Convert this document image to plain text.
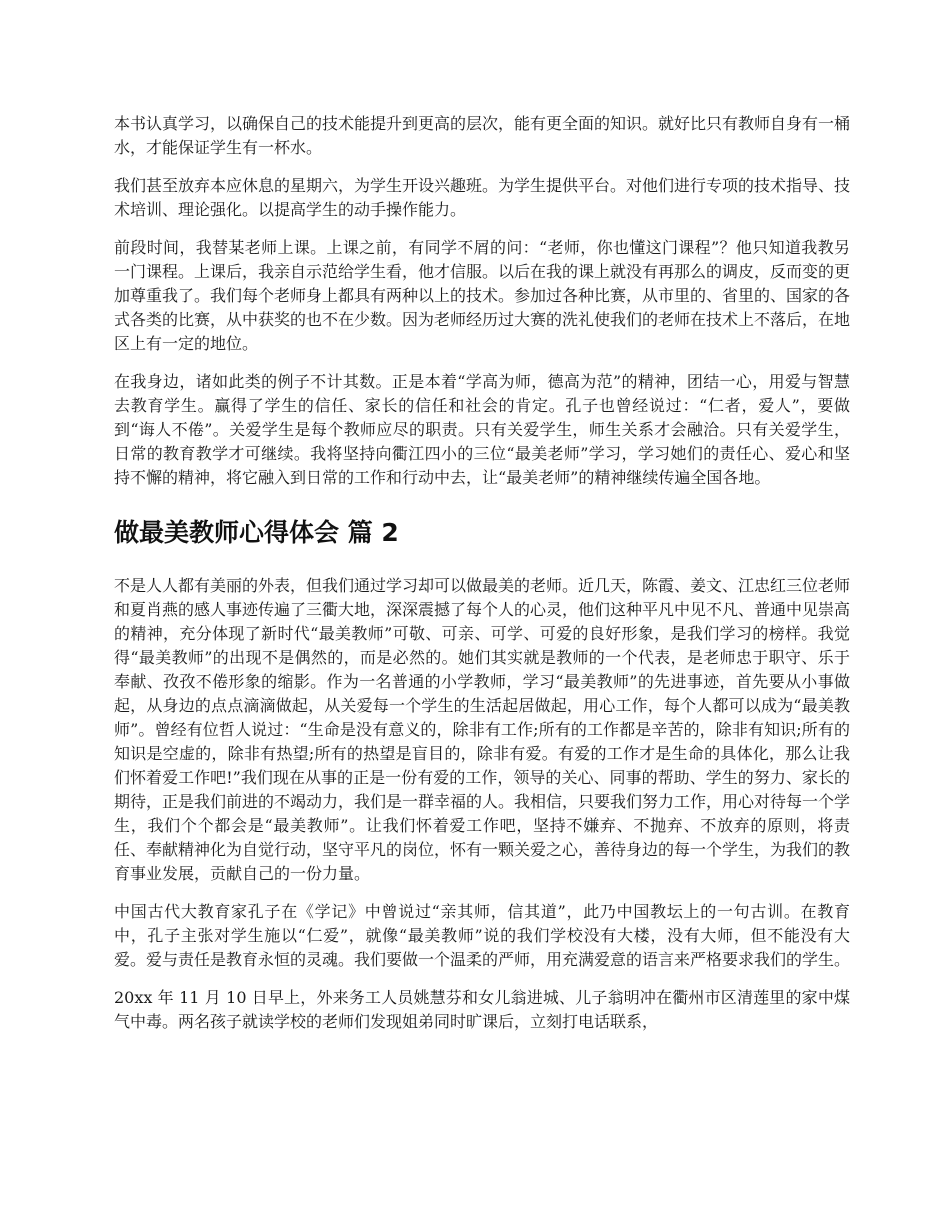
本书认真学习，以确保自己的技术能提升到更高的层次，能有更全面的知识。就好比只有教师自身有一桶水，才能保证学生有一杯水。

我们甚至放弃本应休息的星期六，为学生开设兴趣班。为学生提供平台。对他们进行专项的技术指导、技术培训、理论强化。以提高学生的动手操作能力。

前段时间，我替某老师上课。上课之前，有同学不屑的问：“老师，你也懂这门课程”？他只知道我教另一门课程。上课后，我亲自示范给学生看，他才信服。以后在我的课上就没有再那么的调皮，反而变的更加尊重我了。我们每个老师身上都具有两种以上的技术。参加过各种比赛，从市里的、省里的、国家的各式各类的比赛，从中获奖的也不在少数。因为老师经历过大赛的洗礼使我们的老师在技术上不落后，在地区上有一定的地位。

在我身边，诸如此类的例子不计其数。正是本着“学高为师，德高为范”的精神，团结一心，用爱与智慧去教育学生。赢得了学生的信任、家长的信任和社会的肯定。孔子也曾经说过：“仁者，爱人”，要做到“诲人不倦”。关爱学生是每个教师应尽的职责。只有关爱学生，师生关系才会融洽。只有关爱学生，日常的教育教学才可继续。我将坚持向衢江四小的三位“最美老师”学习，学习她们的责任心、爱心和坚持不懈的精神，将它融入到日常的工作和行动中去，让“最美老师”的精神继续传遍全国各地。

做最美教师心得体会 篇 2

不是人人都有美丽的外表，但我们通过学习却可以做最美的老师。近几天，陈霞、姜文、江忠红三位老师和夏肖燕的感人事迹传遍了三衢大地，深深震撼了每个人的心灵，他们这种平凡中见不凡、普通中见崇高的精神，充分体现了新时代“最美教师”可敬、可亲、可学、可爱的良好形象，是我们学习的榜样。我觉得“最美教师”的出现不是偶然的，而是必然的。她们其实就是教师的一个代表，是老师忠于职守、乐于奉献、孜孜不倦形象的缩影。作为一名普通的小学教师，学习“最美教师”的先进事迹，首先要从小事做起，从身边的点点滴滴做起，从关爱每一个学生的生活起居做起，用心工作，每个人都可以成为“最美教师”。曾经有位哲人说过：“生命是没有意义的，除非有工作;所有的工作都是辛苦的，除非有知识;所有的知识是空虚的，除非有热望;所有的热望是盲目的，除非有爱。有爱的工作才是生命的具体化，那么让我们怀着爱工作吧!”我们现在从事的正是一份有爱的工作，领导的关心、同事的帮助、学生的努力、家长的期待，正是我们前进的不竭动力，我们是一群幸福的人。我相信，只要我们努力工作，用心对待每一个学生，我们个个都会是“最美教师”。让我们怀着爱工作吧，坚持不嫌弃、不抛弃、不放弃的原则，将责任、奉献精神化为自觉行动，坚守平凡的岗位，怀有一颗关爱之心，善待身边的每一个学生，为我们的教育事业发展，贡献自己的一份力量。

中国古代大教育家孔子在《学记》中曾说过“亲其师，信其道”，此乃中国教坛上的一句古训。在教育中，孔子主张对学生施以“仁爱”，就像“最美教师”说的我们学校没有大楼，没有大师，但不能没有大爱。爱与责任是教育永恒的灵魂。我们要做一个温柔的严师，用充满爱意的语言来严格要求我们的学生。

20xx 年 11 月 10 日早上，外来务工人员姚慧芬和女儿翁进城、儿子翁明冲在衢州市区清莲里的家中煤气中毒。两名孩子就读学校的老师们发现姐弟同时旷课后，立刻打电话联系，
